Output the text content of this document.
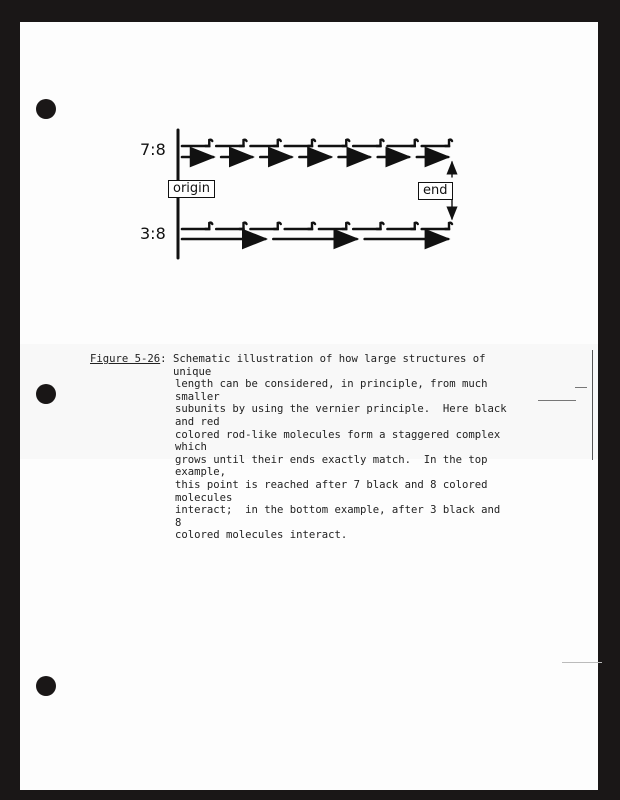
7:8
3:8
origin	end
Figure 5-26: Schematic illustration of how large structures of unique
length can be considered, in principle, from much smaller
subunits by using the vernier principle.  Here black and red
colored rod-like molecules form a staggered complex which
grows until their ends exactly match.  In the top example,
this point is reached after 7 black and 8 colored molecules
interact;  in the bottom example, after 3 black and 8
colored molecules interact.
